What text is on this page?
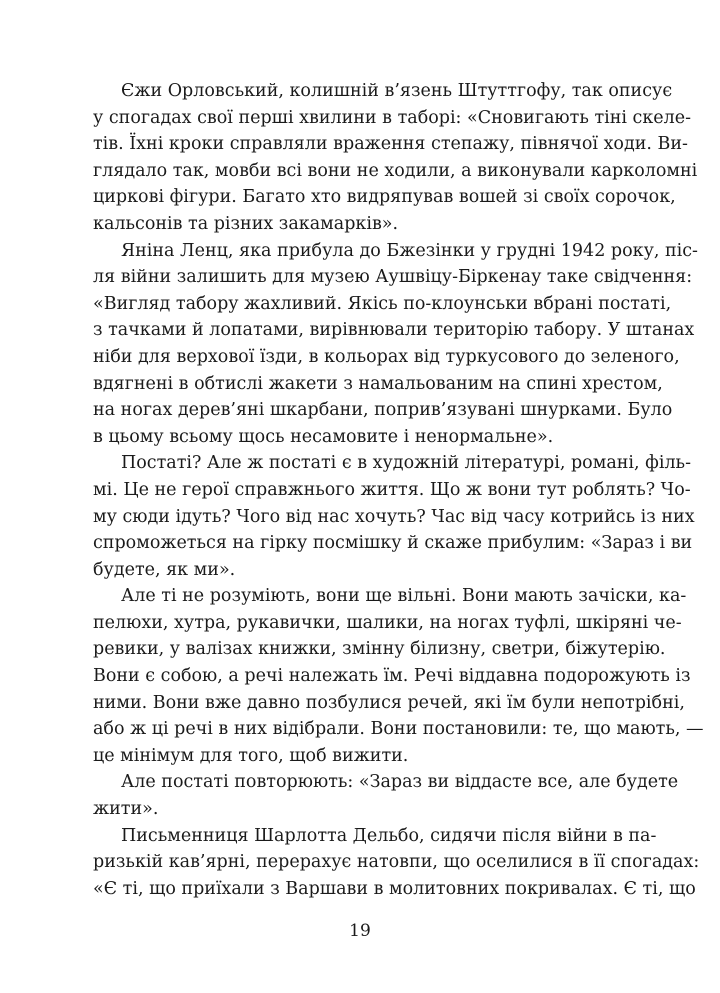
Єжи Орловський, колишній в’язень Штуттгофу, так описує
у спогадах свої перші хвилини в таборі: «Сновигають тіні скеле-
тів. Їхні кроки справляли враження степажу, півнячої ходи. Ви-
глядало так, мовби всі вони не ходили, а виконували карколомні
циркові фігури. Багато хто видряпував вошей зі своїх сорочок,
кальсонів та різних закамарків».
Яніна Ленц, яка прибула до Бжезінки у грудні 1942 року, піс-
ля війни залишить для музею Аушвіцу-Біркенау таке свідчення:
«Вигляд табору жахливий. Якісь по-клоунськи вбрані постаті,
з тачками й лопатами, вирівнювали територію табору. У штанах
ніби для верхової їзди, в кольорах від туркусового до зеленого,
вдягнені в обтислі жакети з намальованим на спині хрестом,
на ногах дерев’яні шкарбани, поприв’язувані шнурками. Було
в цьому всьому щось несамовите і ненормальне».
Постаті? Але ж постаті є в художній літературі, романі, філь-
мі. Це не герої справжнього життя. Що ж вони тут роблять? Чо-
му сюди ідуть? Чого від нас хочуть? Час від часу котрийсь із них
спроможеться на гірку посмішку й скаже прибулим: «Зараз і ви
будете, як ми».
Але ті не розуміють, вони ще вільні. Вони мають зачіски, ка-
пелюхи, хутра, рукавички, шалики, на ногах туфлі, шкіряні че-
ревики, у валізах книжки, змінну білизну, светри, біжутерію.
Вони є собою, а речі належать їм. Речі віддавна подорожують із
ними. Вони вже давно позбулися речей, які їм були непотрібні,
або ж ці речі в них відібрали. Вони постановили: те, що мають, —
це мінімум для того, щоб вижити.
Але постаті повторюють: «Зараз ви віддасте все, але будете
жити».
Письменниця Шарлотта Дельбо, сидячи після війни в па-
ризькій кав’ярні, перерахує натовпи, що оселилися в її спогадах:
«Є ті, що приїхали з Варшави в молитовних покривалах. Є ті, що
19
